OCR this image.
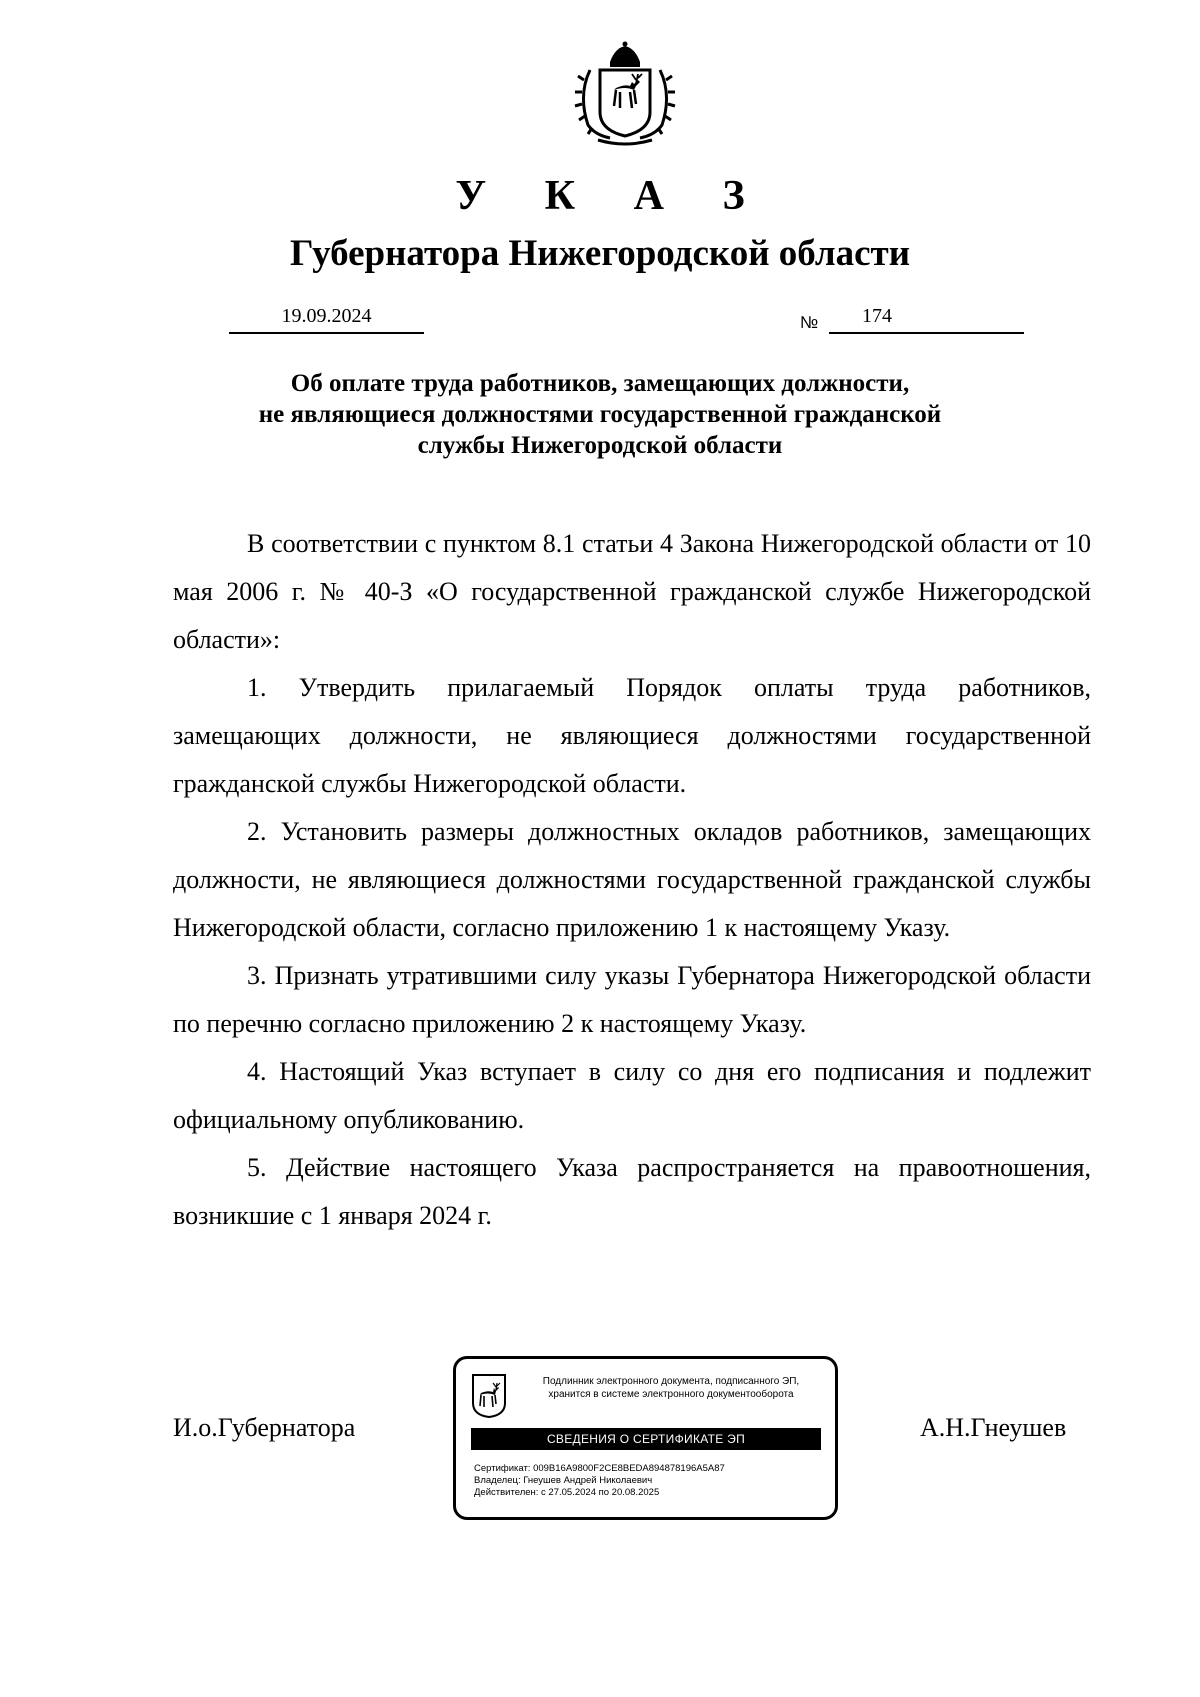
У К А З
Губернатора Нижегородской области
19.09.2024	№ 174
Об оплате труда работников, замещающих должности,
не являющиеся должностями государственной гражданской
службы Нижегородской области

В соответствии с пунктом 8.1 статьи 4 Закона Нижегородской области от 10 мая 2006 г. № 40-З «О государственной гражданской службе Нижегородской области»:

1. Утвердить прилагаемый Порядок оплаты труда работников, замещающих должности, не являющиеся должностями государственной гражданской службы Нижегородской области.

2. Установить размеры должностных окладов работников, замещающих должности, не являющиеся должностями государственной гражданской службы Нижегородской области, согласно приложению 1 к настоящему Указу.

3. Признать утратившими силу указы Губернатора Нижегородской области по перечню согласно приложению 2 к настоящему Указу.

4. Настоящий Указ вступает в силу со дня его подписания и подлежит официальному опубликованию.

5. Действие настоящего Указа распространяется на правоотношения, возникшие с 1 января 2024 г.

И.о.Губернатора	А.Н.Гнеушев
Подлинник электронного документа, подписанного ЭП,
хранится в системе электронного документооборота
СВЕДЕНИЯ О СЕРТИФИКАТЕ ЭП
Сертификат: 009B16A9800F2CE8BEDA894878196A5A87
Владелец: Гнеушев Андрей Николаевич
Действителен: с 27.05.2024 по 20.08.2025
